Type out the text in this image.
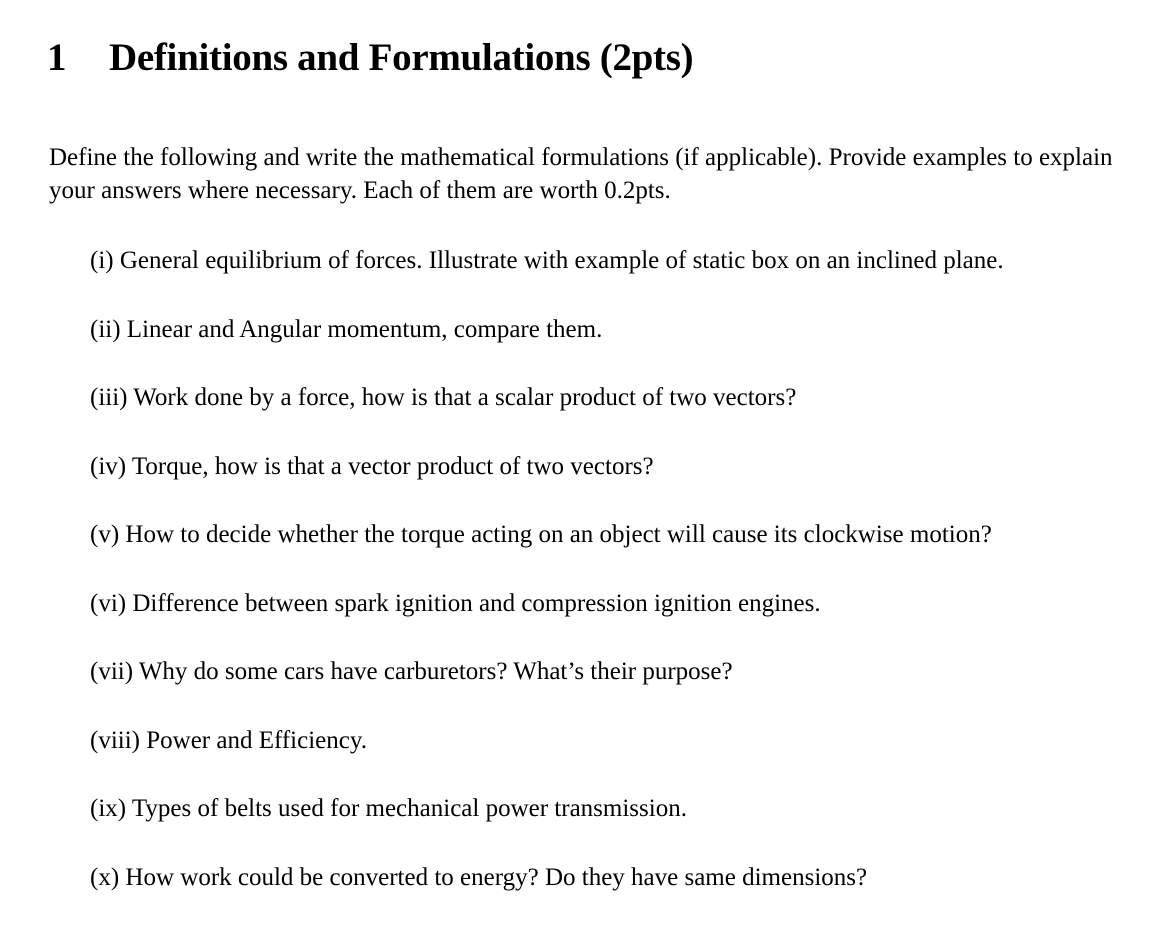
1 Definitions and Formulations (2pts)

Define the following and write the mathematical formulations (if applicable). Provide examples to explain your answers where necessary. Each of them are worth 0.2pts.

(i) General equilibrium of forces. Illustrate with example of static box on an inclined plane.
(ii) Linear and Angular momentum, compare them.
(iii) Work done by a force, how is that a scalar product of two vectors?
(iv) Torque, how is that a vector product of two vectors?
(v) How to decide whether the torque acting on an object will cause its clockwise motion?
(vi) Difference between spark ignition and compression ignition engines.
(vii) Why do some cars have carburetors? What’s their purpose?
(viii) Power and Efficiency.
(ix) Types of belts used for mechanical power transmission.
(x) How work could be converted to energy? Do they have same dimensions?
